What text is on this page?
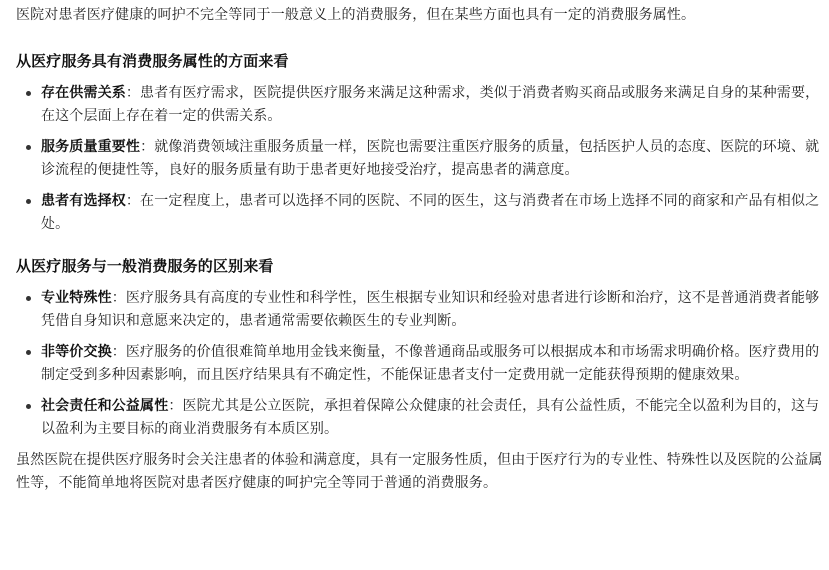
医院对患者医疗健康的呵护不完全等同于一般意义上的消费服务，但在某些方面也具有一定的消费服务属性。

从医疗服务具有消费服务属性的方面来看
存在供需关系：患者有医疗需求，医院提供医疗服务来满足这种需求，类似于消费者购买商品或服务来满足自身的某种需要，在这个层面上存在着一定的供需关系。
服务质量重要性：就像消费领域注重服务质量一样，医院也需要注重医疗服务的质量，包括医护人员的态度、医院的环境、就诊流程的便捷性等，良好的服务质量有助于患者更好地接受治疗，提高患者的满意度。
患者有选择权：在一定程度上，患者可以选择不同的医院、不同的医生，这与消费者在市场上选择不同的商家和产品有相似之处。
从医疗服务与一般消费服务的区别来看
专业特殊性：医疗服务具有高度的专业性和科学性，医生根据专业知识和经验对患者进行诊断和治疗，这不是普通消费者能够凭借自身知识和意愿来决定的，患者通常需要依赖医生的专业判断。
非等价交换：医疗服务的价值很难简单地用金钱来衡量，不像普通商品或服务可以根据成本和市场需求明确价格。医疗费用的制定受到多种因素影响，而且医疗结果具有不确定性，不能保证患者支付一定费用就一定能获得预期的健康效果。
社会责任和公益属性：医院尤其是公立医院，承担着保障公众健康的社会责任，具有公益性质，不能完全以盈利为目的，这与以盈利为主要目标的商业消费服务有本质区别。

虽然医院在提供医疗服务时会关注患者的体验和满意度，具有一定服务性质，但由于医疗行为的专业性、特殊性以及医院的公益属性等，不能简单地将医院对患者医疗健康的呵护完全等同于普通的消费服务。
